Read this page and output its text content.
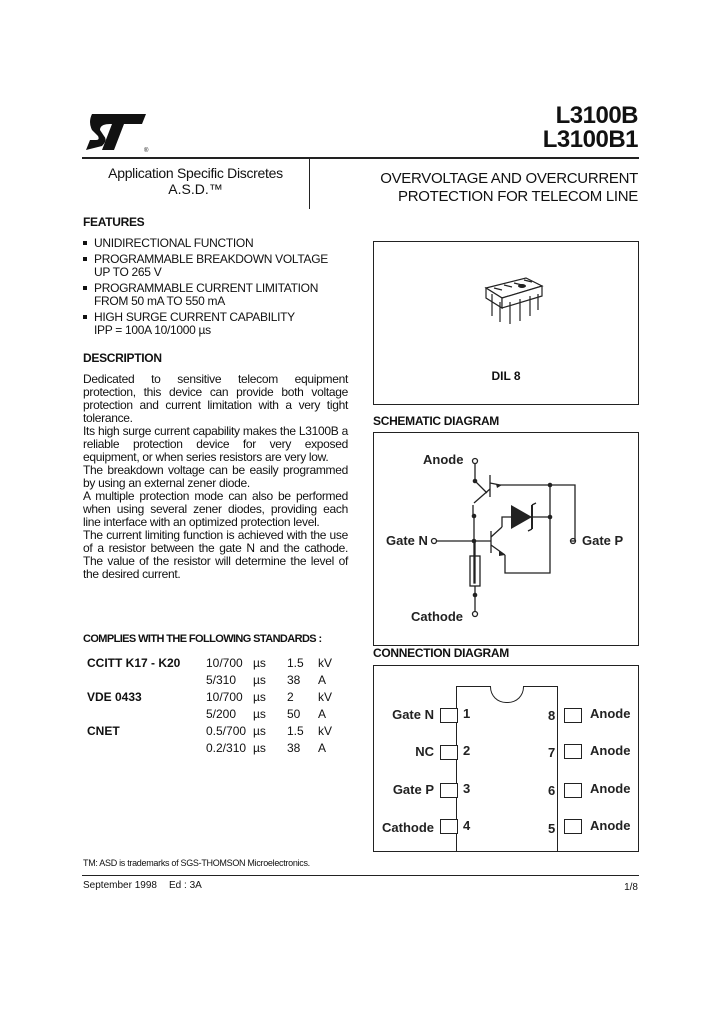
®
L3100B
L3100B1
Application Specific Discretes
A.S.D.™
OVERVOLTAGE AND OVERCURRENT
PROTECTION FOR TELECOM LINE
FEATURES
UNIDIRECTIONAL FUNCTION
PROGRAMMABLE BREAKDOWN VOLTAGE
UP TO 265 V
PROGRAMMABLE CURRENT LIMITATION
FROM 50 mA TO 550 mA
HIGH SURGE CURRENT CAPABILITY
IPP = 100A 10/1000 µs
DESCRIPTION

Dedicated to sensitive telecom equipment protection, this device can provide both voltage protection and current limitation with a very tight tolerance.

Its high surge current capability makes the L3100B a reliable protection device for very exposed equipment, or when series resistors are very low.

The breakdown voltage can be easily programmed by using an external zener diode.

A multiple protection mode can also be performed when using several zener diodes, providing each line interface with an optimized protection level.

The current limiting function is achieved with the use of a resistor between the gate N and the cathode. The value of the resistor will determine the level of the desired current.

COMPLIES WITH THE FOLLOWING STANDARDS :
CCITT K17 - K20 10/700 µs 1.5 kV
5/310 µs 38 A
VDE 0433	10/700 µs 2 kV
5/200 µs 50 A
CNET	0.5/700 µs 1.5 kV
0.2/310 µs 38 A
DIL 8
SCHEMATIC DIAGRAM
Anode
Gate N	Gate P
Cathode
CONNECTION DIAGRAM
Gate N 1
NC 2
Gate P 3
Cathode 4
8	Anode
7	Anode
6	Anode
5	Anode
TM: ASD is trademarks of SGS-THOMSON Microelectronics.
September 1998 Ed : 3A	1/8
